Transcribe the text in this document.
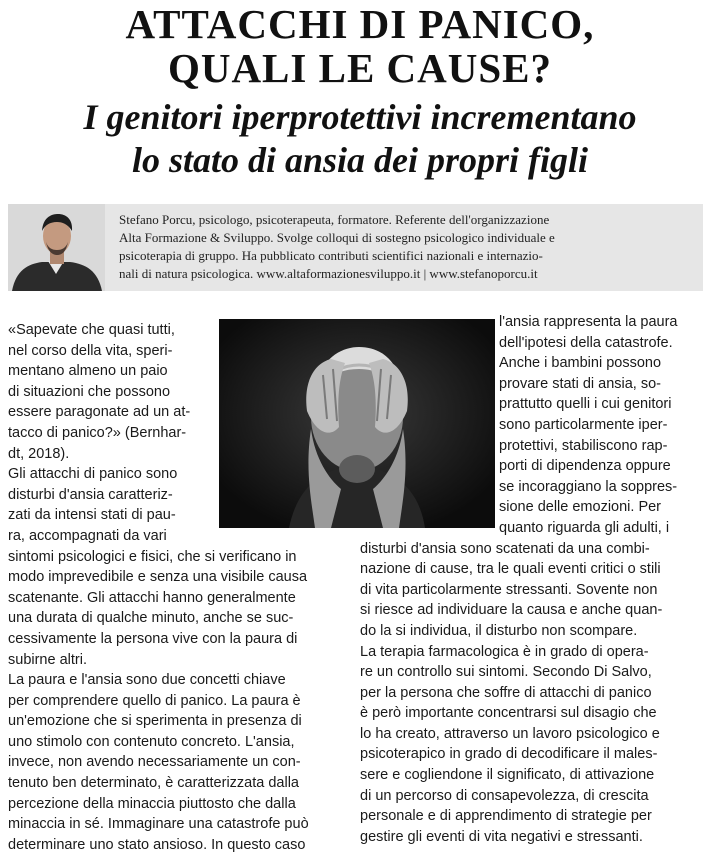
ATTACCHI DI PANICO,
QUALI LE CAUSE?
I genitori iperprotettivi incrementano
lo stato di ansia dei propri figli
Stefano Porcu, psicologo, psicoterapeuta, formatore. Referente dell'organizzazione
Alta Formazione & Sviluppo. Svolge colloqui di sostegno psicologico individuale e
psicoterapia di gruppo. Ha pubblicato contributi scientifici nazionali e internazio-
nali di natura psicologica. www.altaformazionesviluppo.it | www.stefanoporcu.it
«Sapevate che quasi tutti,
nel corso della vita, speri-
mentano almeno un paio
di situazioni che possono
essere paragonate ad un at-
tacco di panico?» (Bernhar-
dt, 2018).
Gli attacchi di panico sono
disturbi d'ansia caratteriz-
zati da intensi stati di pau-
ra, accompagnati da vari
sintomi psicologici e fisici, che si verificano in
modo imprevedibile e senza una visibile causa
scatenante. Gli attacchi hanno generalmente
una durata di qualche minuto, anche se suc-
cessivamente la persona vive con la paura di
subirne altri.
La paura e l'ansia sono due concetti chiave
per comprendere quello di panico. La paura è
un'emozione che si sperimenta in presenza di
uno stimolo con contenuto concreto. L'ansia,
invece, non avendo necessariamente un con-
tenuto ben determinato, è caratterizzata dalla
percezione della minaccia piuttosto che dalla
minaccia in sé. Immaginare una catastrofe può
determinare uno stato ansioso. In questo caso
l'ansia rappresenta la paura
dell'ipotesi della catastrofe.
Anche i bambini possono
provare stati di ansia, so-
prattutto quelli i cui genitori
sono particolarmente iper-
protettivi, stabiliscono rap-
porti di dipendenza oppure
se incoraggiano la soppres-
sione delle emozioni. Per
quanto riguarda gli adulti, i
disturbi d'ansia sono scatenati da una combi-
nazione di cause, tra le quali eventi critici o stili
di vita particolarmente stressanti. Sovente non
si riesce ad individuare la causa e anche quan-
do la si individua, il disturbo non scompare.
La terapia farmacologica è in grado di opera-
re un controllo sui sintomi. Secondo Di Salvo,
per la persona che soffre di attacchi di panico
è però importante concentrarsi sul disagio che
lo ha creato, attraverso un lavoro psicologico e
psicoterapico in grado di decodificare il males-
sere e cogliendone il significato, di attivazione
di un percorso di consapevolezza, di crescita
personale e di apprendimento di strategie per
gestire gli eventi di vita negativi e stressanti.
